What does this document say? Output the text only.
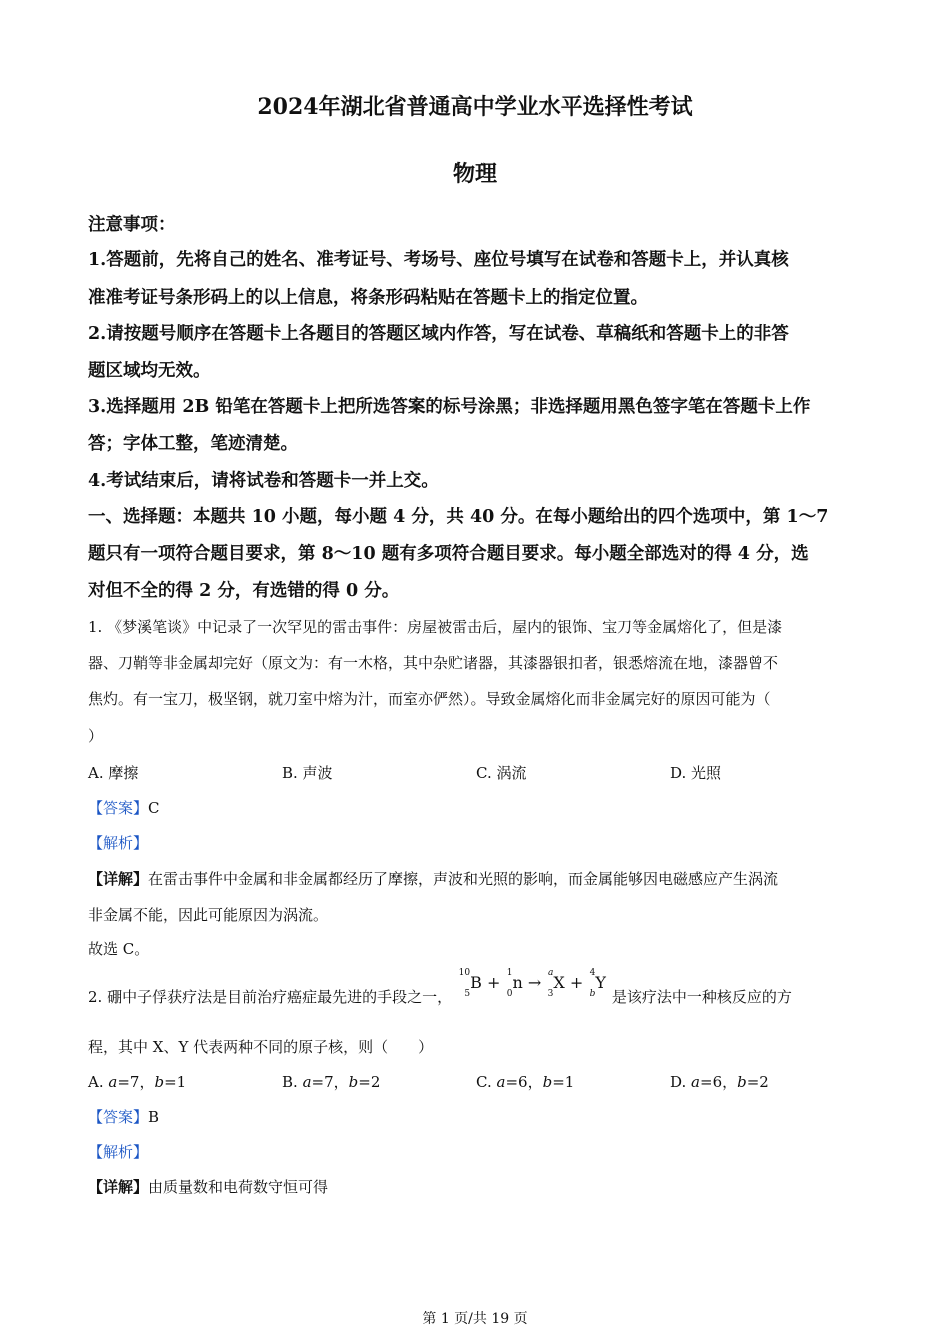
2024年湖北省普通高中学业水平选择性考试
物理
注意事项：
1.答题前，先将自己的姓名、准考证号、考场号、座位号填写在试卷和答题卡上，并认真核
准准考证号条形码上的以上信息，将条形码粘贴在答题卡上的指定位置。
2.请按题号顺序在答题卡上各题目的答题区域内作答，写在试卷、草稿纸和答题卡上的非答
题区域均无效。
3.选择题用 2B 铅笔在答题卡上把所选答案的标号涂黑；非选择题用黑色签字笔在答题卡上作
答；字体工整，笔迹清楚。
4.考试结束后，请将试卷和答题卡一并上交。
一、选择题：本题共 10 小题，每小题 4 分，共 40 分。在每小题给出的四个选项中，第 1～7
题只有一项符合题目要求，第 8～10 题有多项符合题目要求。每小题全部选对的得 4 分，选
对但不全的得 2 分，有选错的得 0 分。
1. 《梦溪笔谈》中记录了一次罕见的雷击事件：房屋被雷击后，屋内的银饰、宝刀等金属熔化了，但是漆
器、刀鞘等非金属却完好（原文为：有一木格，其中杂贮诸器，其漆器银扣者，银悉熔流在地，漆器曾不
焦灼。有一宝刀，极坚钢，就刀室中熔为汁，而室亦俨然）。导致金属熔化而非金属完好的原因可能为（
）
A. 摩擦	B. 声波	C. 涡流	D. 光照
【答案】C
【解析】
【详解】在雷击事件中金属和非金属都经历了摩擦，声波和光照的影响，而金属能够因电磁感应产生涡流
非金属不能，因此可能原因为涡流。
故选 C。
2. 硼中子俘获疗法是目前治疗癌症最先进的手段之一，
10
5
B +
1
0
n →
a
3
X +
4
b
Y是该疗法中一种核反应的方
程，其中 X、Y 代表两种不同的原子核，则（　　）
A. a=7，b=1	B. a=7，b=2	C. a=6，b=1	D. a=6，b=2
【答案】B
【解析】
【详解】由质量数和电荷数守恒可得
第 1 页/共 19 页
